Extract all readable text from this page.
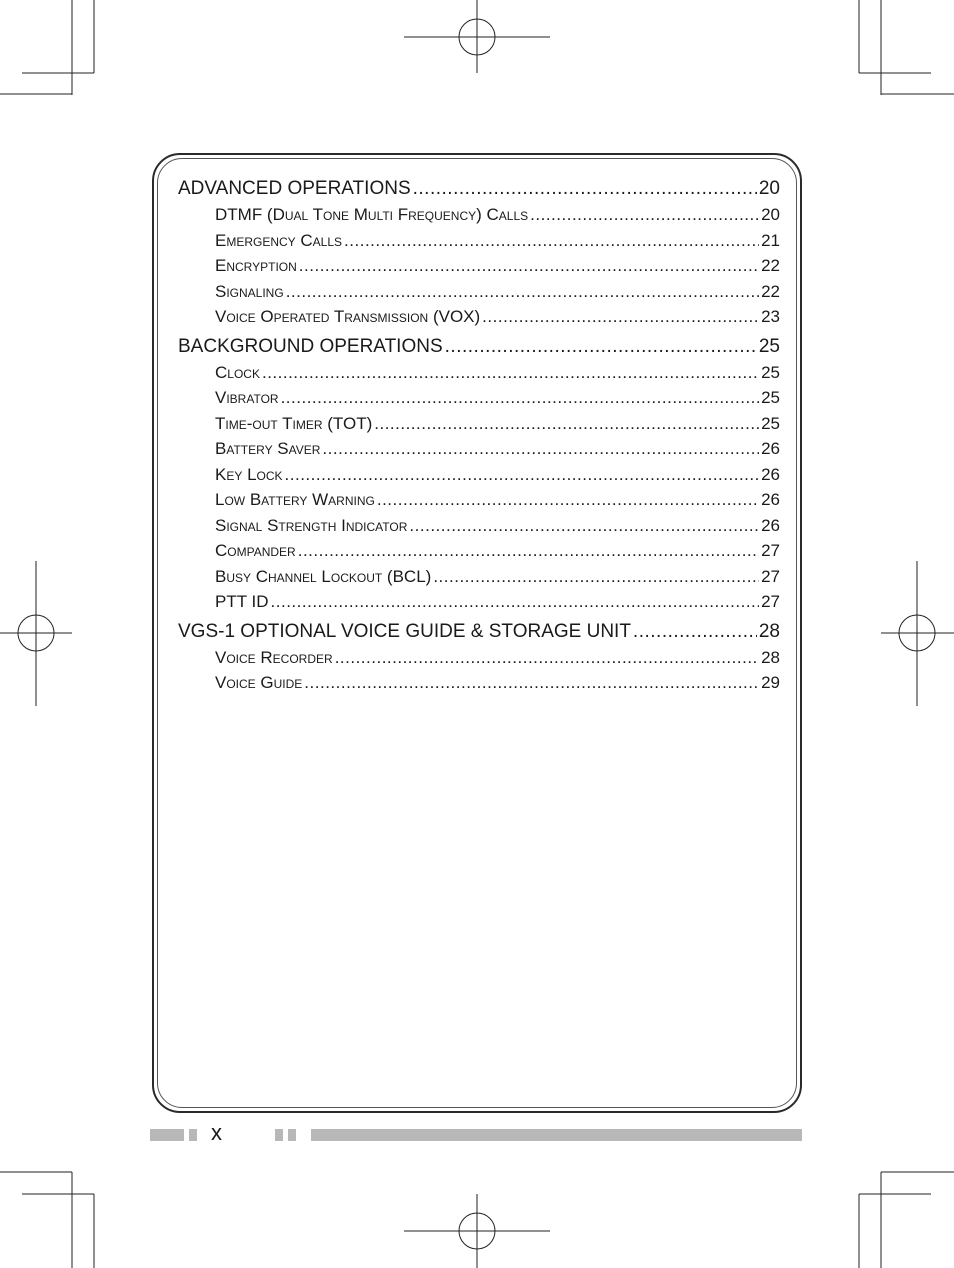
ADVANCED OPERATIONS .....	20
DTMF (Dual Tone Multi Frequency) Calls .....	20
Emergency Calls .....	21
Encryption .....	22
Signaling .....	22
Voice Operated Transmission (VOX) .....	23
BACKGROUND OPERATIONS .....	25
Clock .....	25
Vibrator .....	25
Time-out Timer (TOT) .....	25
Battery Saver .....	26
Key Lock .....	26
Low Battery Warning .....	26
Signal Strength Indicator .....	26
Compander .....	27
Busy Channel Lockout (BCL) .....	27
PTT ID .....	27
VGS-1 OPTIONAL VOICE GUIDE & STORAGE UNIT .....	28
Voice Recorder .....	28
Voice Guide .....	29
x
